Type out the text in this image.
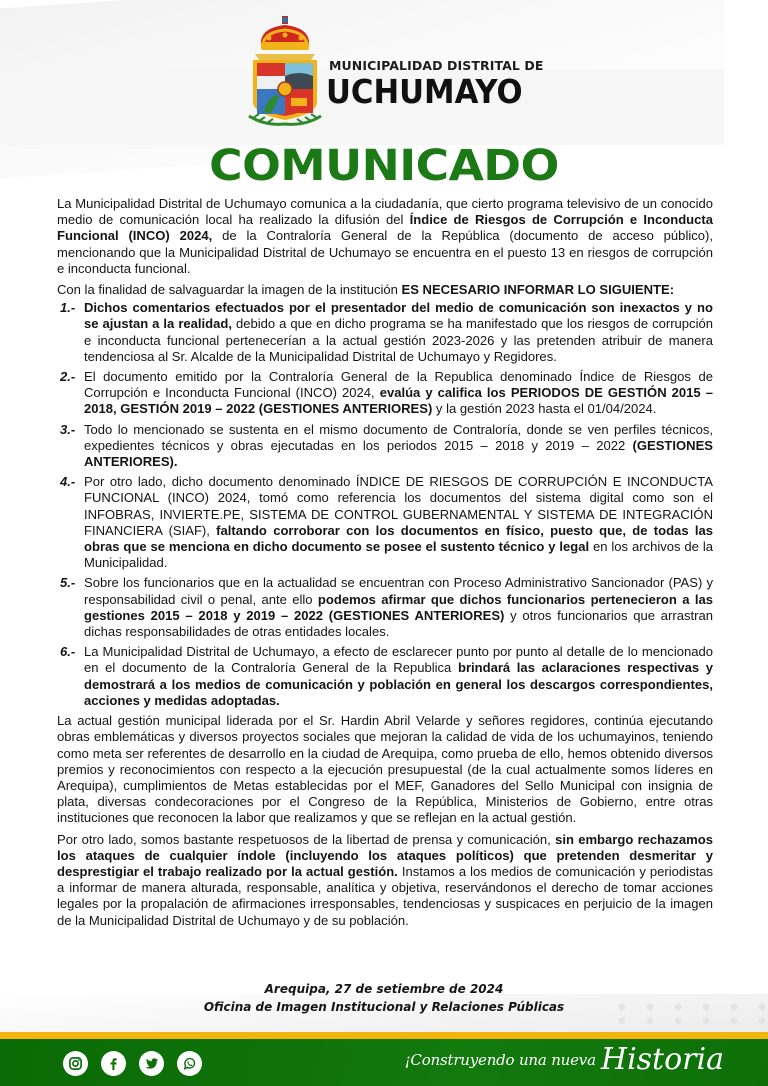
MUNICIPALIDAD DISTRITAL DE
UCHUMAYO
COMUNICADO

La Municipalidad Distrital de Uchumayo comunica a la ciudadanía, que cierto programa televisivo de un conocido medio de comunicación local ha realizado la difusión del Índice de Riesgos de Corrupción e Inconducta Funcional (INCO) 2024, de la Contraloría General de la República (documento de acceso público), mencionando que la Municipalidad Distrital de Uchumayo se encuentra en el puesto 13 en riesgos de corrupción e inconducta funcional.

Con la finalidad de salvaguardar la imagen de la institución ES NECESARIO INFORMAR LO SIGUIENTE:

1.- Dichos comentarios efectuados por el presentador del medio de comunicación son inexactos y no se ajustan a la realidad, debido a que en dicho programa se ha manifestado que los riesgos de corrupción e inconducta funcional pertenecerían a la actual gestión 2023-2026 y las pretenden atribuir de manera tendenciosa al Sr. Alcalde de la Municipalidad Distrital de Uchumayo y Regidores.
2.- El documento emitido por la Contraloría General de la Republica denominado Índice de Riesgos de Corrupción e Inconducta Funcional (INCO) 2024, evalúa y califica los PERIODOS DE GESTIÓN 2015 – 2018, GESTIÓN 2019 – 2022 (GESTIONES ANTERIORES) y la gestión 2023 hasta el 01/04/2024.
3.- Todo lo mencionado se sustenta en el mismo documento de Contraloría, donde se ven perfiles técnicos, expedientes técnicos y obras ejecutadas en los periodos 2015 – 2018 y 2019 – 2022 (GESTIONES ANTERIORES).
4.- Por otro lado, dicho documento denominado ÍNDICE DE RIESGOS DE CORRUPCIÓN E INCONDUCTA FUNCIONAL (INCO) 2024, tomó como referencia los documentos del sistema digital como son el INFOBRAS, INVIERTE.PE, SISTEMA DE CONTROL GUBERNAMENTAL Y SISTEMA DE INTEGRACIÓN FINANCIERA (SIAF), faltando corroborar con los documentos en físico, puesto que, de todas las obras que se menciona en dicho documento se posee el sustento técnico y legal en los archivos de la Municipalidad.
5.- Sobre los funcionarios que en la actualidad se encuentran con Proceso Administrativo Sancionador (PAS) y responsabilidad civil o penal, ante ello podemos afirmar que dichos funcionarios pertenecieron a las gestiones 2015 – 2018 y 2019 – 2022 (GESTIONES ANTERIORES) y otros funcionarios que arrastran dichas responsabilidades de otras entidades locales.
6.- La Municipalidad Distrital de Uchumayo, a efecto de esclarecer punto por punto al detalle de lo mencionado en el documento de la Contraloría General de la Republica brindará las aclaraciones respectivas y demostrará a los medios de comunicación y población en general los descargos correspondientes, acciones y medidas adoptadas.

La actual gestión municipal liderada por el Sr. Hardin Abril Velarde y señores regidores, continúa ejecutando obras emblemáticas y diversos proyectos sociales que mejoran la calidad de vida de los uchumayinos, teniendo como meta ser referentes de desarrollo en la ciudad de Arequipa, como prueba de ello, hemos obtenido diversos premios y reconocimientos con respecto a la ejecución presupuestal (de la cual actualmente somos líderes en Arequipa), cumplimientos de Metas establecidas por el MEF, Ganadores del Sello Municipal con insignia de plata, diversas condecoraciones por el Congreso de la República, Ministerios de Gobierno, entre otras instituciones que reconocen la labor que realizamos y que se reflejan en la actual gestión.

Por otro lado, somos bastante respetuosos de la libertad de prensa y comunicación, sin embargo rechazamos los ataques de cualquier índole (incluyendo los ataques políticos) que pretenden desmeritar y desprestigiar el trabajo realizado por la actual gestión. Instamos a los medios de comunicación y periodistas a informar de manera alturada, responsable, analítica y objetiva, reservándonos el derecho de tomar acciones legales por la propalación de afirmaciones irresponsables, tendenciosas y suspicaces en perjuicio de la imagen de la Municipalidad Distrital de Uchumayo y de su población.

Arequipa, 27 de setiembre de 2024
Oficina de Imagen Institucional y Relaciones Públicas
¡Construyendo una nueva Historia
